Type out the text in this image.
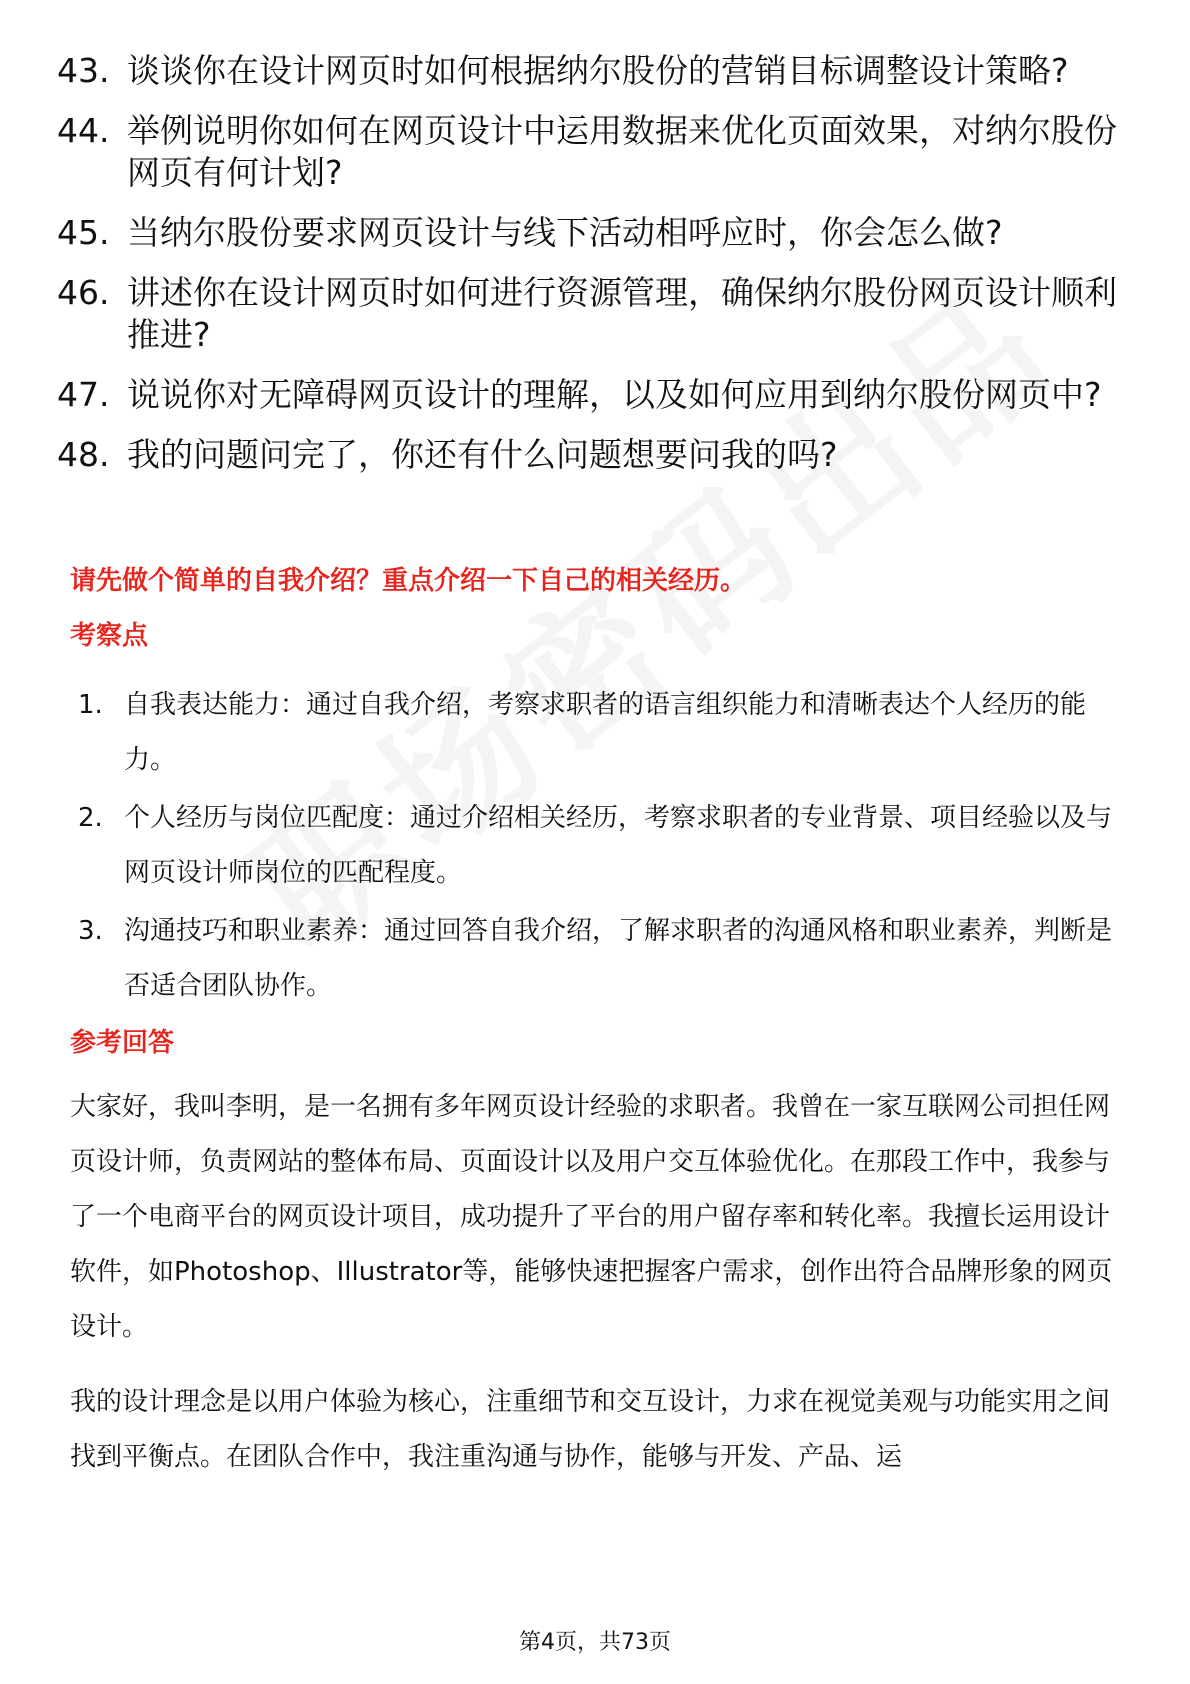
43. 谈谈你在设计网页时如何根据纳尔股份的营销目标调整设计策略?
44. 举例说明你如何在网页设计中运用数据来优化页面效果，对纳尔股份网页有何计划?
45. 当纳尔股份要求网页设计与线下活动相呼应时，你会怎么做?
46. 讲述你在设计网页时如何进行资源管理，确保纳尔股份网页设计顺利推进?
47. 说说你对无障碍网页设计的理解，以及如何应用到纳尔股份网页中?
48. 我的问题问完了，你还有什么问题想要问我的吗?
请先做个简单的自我介绍？重点介绍一下自己的相关经历。
考察点
1. 自我表达能力：通过自我介绍，考察求职者的语言组织能力和清晰表达个人经历的能力。
2. 个人经历与岗位匹配度：通过介绍相关经历，考察求职者的专业背景、项目经验以及与网页设计师岗位的匹配程度。
3. 沟通技巧和职业素养：通过回答自我介绍，了解求职者的沟通风格和职业素养，判断是否适合团队协作。
参考回答
大家好，我叫李明，是一名拥有多年网页设计经验的求职者。我曾在一家互联网公司担任网页设计师，负责网站的整体布局、页面设计以及用户交互体验优化。在那段工作中，我参与了一个电商平台的网页设计项目，成功提升了平台的用户留存率和转化率。我擅长运用设计软件，如Photoshop、Illustrator等，能够快速把握客户需求，创作出符合品牌形象的网页设计。
我的设计理念是以用户体验为核心，注重细节和交互设计，力求在视觉美观与功能实用之间找到平衡点。在团队合作中，我注重沟通与协作，能够与开发、产品、运
第4页，共73页
